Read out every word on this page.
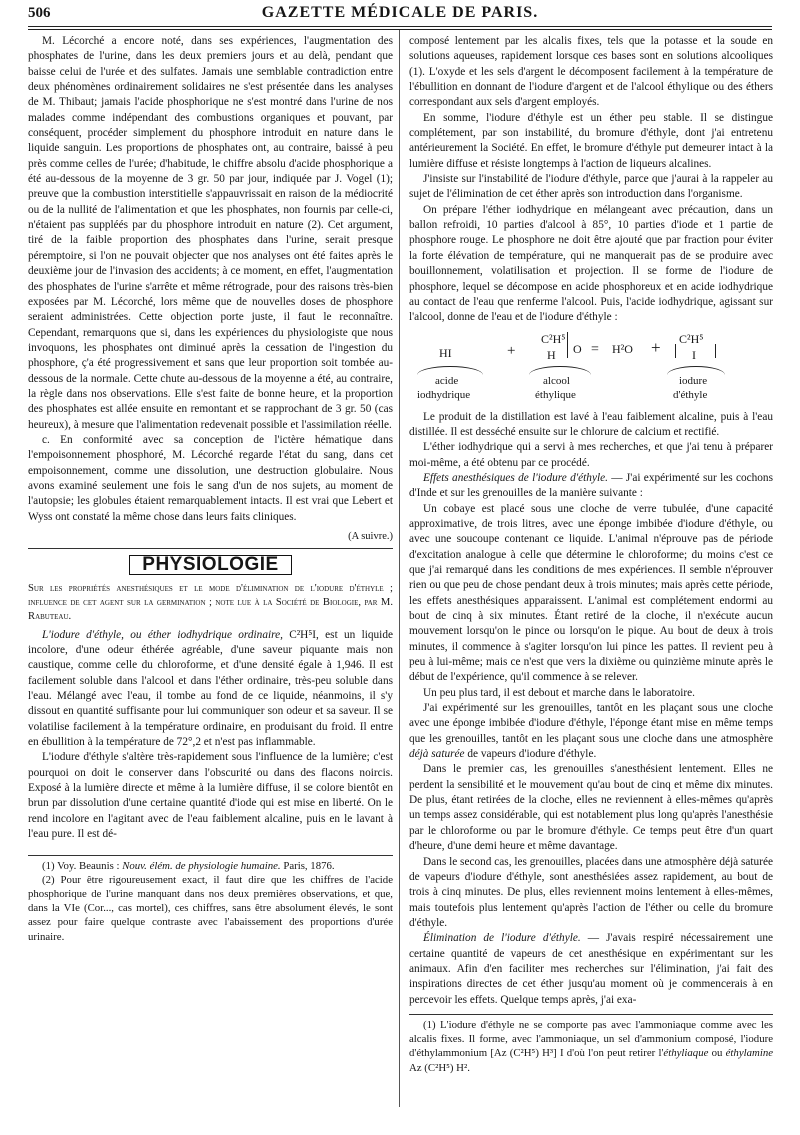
506	GAZETTE MÉDICALE DE PARIS.

M. Lécorché a encore noté, dans ses expériences, l'augmentation des phosphates de l'urine, dans les deux premiers jours et au delà, pendant que baisse celui de l'urée et des sulfates. Jamais une semblable contradiction entre deux phénomènes ordinairement solidaires ne s'est présentée dans les analyses de M. Thibaut; jamais l'acide phosphorique ne s'est montré dans l'urine de nos malades comme indépendant des combustions organiques et pouvant, par conséquent, procéder simplement du phosphore introduit en nature dans le liquide sanguin. Les proportions de phosphates ont, au contraire, baissé à peu près comme celles de l'urée; d'habitude, le chiffre absolu d'acide phosphorique a été au-dessous de la moyenne de 3 gr. 50 par jour, indiquée par J. Vogel (1); preuve que la combustion interstitielle s'appauvrissait en raison de la médiocrité ou de la nullité de l'alimentation et que les phosphates, non fournis par celle-ci, n'étaient pas suppléés par du phosphore introduit en nature (2). Cet argument, tiré de la faible proportion des phosphates dans l'urine, serait presque péremptoire, si l'on ne pouvait objecter que nos analyses ont été faites après le deuxième jour de l'invasion des accidents; à ce moment, en effet, l'augmentation des phosphates de l'urine s'arrête et même rétrograde, pour des raisons très-bien exposées par M. Lécorché, lors même que de nouvelles doses de phosphore seraient administrées. Cette objection porte juste, il faut le reconnaître. Cependant, remarquons que si, dans les expériences du physiologiste que nous invoquons, les phosphates ont diminué après la cessation de l'ingestion du phosphore, ç'a été progressivement et sans que leur proportion soit tombée au-dessous de la normale. Cette chute au-dessous de la moyenne a été, au contraire, la règle dans nos observations. Elle s'est faite de bonne heure, et la proportion des phosphates est allée ensuite en remontant et se rapprochant de 3 gr. 50 (cas heureux), à mesure que l'alimentation redevenait possible et l'assimilation réelle.

c. En conformité avec sa conception de l'ictère hématique dans l'empoisonnement phosphoré, M. Lécorché regarde l'état du sang, dans cet empoisonnement, comme une dissolution, une destruction globulaire. Nous avons examiné seulement une fois le sang d'un de nos sujets, au moment de l'autopsie; les globules étaient remarquablement intacts. Il est vrai que Lebert et Wyss ont constaté la même chose dans leurs faits cliniques.

(A suivre.)
PHYSIOLOGIE

Sur les propriétés anesthésiques et le mode d'élimination de l'iodure d'éthyle ; influence de cet agent sur la germination ; note lue à la Société de Biologie, par M. Rabuteau.

L'iodure d'éthyle, ou éther iodhydrique ordinaire, C²H⁵I, est un liquide incolore, d'une odeur éthérée agréable, d'une saveur piquante mais non caustique, comme celle du chloroforme, et d'une densité égale à 1,946. Il est facilement soluble dans l'alcool et dans l'éther ordinaire, très-peu soluble dans l'eau. Mélangé avec l'eau, il tombe au fond de ce liquide, néanmoins, il s'y dissout en quantité suffisante pour lui communiquer son odeur et sa saveur. Il se volatilise facilement à la température ordinaire, en produisant du froid. Il entre en ébullition à la température de 72°,2 et n'est pas inflammable.

L'iodure d'éthyle s'altère très-rapidement sous l'influence de la lumière; c'est pourquoi on doit le conserver dans l'obscurité ou dans des flacons noircis. Exposé à la lumière directe et même à la lumière diffuse, il se colore bientôt en brun par dissolution d'une certaine quantité d'iode qui est mise en liberté. On le rend incolore en l'agitant avec de l'eau faiblement alcaline, puis en le lavant à l'eau pure. Il est dé-

(1) Voy. Beaunis : Nouv. élém. de physiologie humaine. Paris, 1876.

(2) Pour être rigoureusement exact, il faut dire que les chiffres de l'acide phosphorique de l'urine manquant dans nos deux premières observations, et que, dans la VIe (Cor..., cas mortel), ces chiffres, sans être absolument élevés, le sont assez pour faire quelque contraste avec l'abaissement des proportions d'urée urinaire.

composé lentement par les alcalis fixes, tels que la potasse et la soude en solutions aqueuses, rapidement lorsque ces bases sont en solutions alcooliques (1). L'oxyde et les sels d'argent le décomposent facilement à la température de l'ébullition en donnant de l'iodure d'argent et de l'alcool éthylique ou des éthers correspondant aux sels d'argent employés.

En somme, l'iodure d'éthyle est un éther peu stable. Il se distingue complétement, par son instabilité, du bromure d'éthyle, dont j'ai entretenu antérieurement la Société. En effet, le bromure d'éthyle put demeurer intact à la lumière diffuse et résiste longtemps à l'action de liqueurs alcalines.

J'insiste sur l'instabilité de l'iodure d'éthyle, parce que j'aurai à la rappeler au sujet de l'élimination de cet éther après son introduction dans l'organisme.

On prépare l'éther iodhydrique en mélangeant avec précaution, dans un ballon refroidi, 10 parties d'alcool à 85°, 10 parties d'iode et 1 partie de phosphore rouge. Le phosphore ne doit être ajouté que par fraction pour éviter la forte élévation de température, qui ne manquerait pas de se produire avec bouillonnement, volatilisation et projection. Il se forme de l'iodure de phosphore, lequel se décompose en acide phosphoreux et en acide iodhydrique au contact de l'eau que renferme l'alcool. Puis, l'acide iodhydrique, agissant sur l'alcool, donne de l'eau et de l'iodure d'éthyle :

HI	+
C²H⁵
H O = H²O + C²H⁵
I
acide
iodhydrique
alcool
éthylique
iodure
d'éthyle

Le produit de la distillation est lavé à l'eau faiblement alcaline, puis à l'eau distillée. Il est desséché ensuite sur le chlorure de calcium et rectifié.

L'éther iodhydrique qui a servi à mes recherches, et que j'ai tenu à préparer moi-même, a été obtenu par ce procédé.

Effets anesthésiques de l'iodure d'éthyle. — J'ai expérimenté sur les cochons d'Inde et sur les grenouilles de la manière suivante :

Un cobaye est placé sous une cloche de verre tubulée, d'une capacité approximative, de trois litres, avec une éponge imbibée d'iodure d'éthyle, ou avec une soucoupe contenant ce liquide. L'animal n'éprouve pas de période d'excitation analogue à celle que détermine le chloroforme; du moins c'est ce que j'ai remarqué dans les conditions de mes expériences. Il semble n'éprouver rien ou que peu de chose pendant deux à trois minutes; mais après cette période, les effets anesthésiques apparaissent. L'animal est complétement endormi au bout de cinq à six minutes. Étant retiré de la cloche, il n'exécute aucun mouvement lorsqu'on le pince ou lorsqu'on le pique. Au bout de deux à trois minutes, il commence à s'agiter lorsqu'on lui pince les pattes. Il revient peu à peu à lui-même; mais ce n'est que vers la dixième ou quinzième minute après le début de l'expérience, qu'il commence à se relever.

Un peu plus tard, il est debout et marche dans le laboratoire.

J'ai expérimenté sur les grenouilles, tantôt en les plaçant sous une cloche avec une éponge imbibée d'iodure d'éthyle, l'éponge étant mise en même temps que les grenouilles, tantôt en les plaçant sous une cloche dans une atmosphère déjà saturée de vapeurs d'iodure d'éthyle.

Dans le premier cas, les grenouilles s'anesthésient lentement. Elles ne perdent la sensibilité et le mouvement qu'au bout de cinq et même dix minutes. De plus, étant retirées de la cloche, elles ne reviennent à elles-mêmes qu'après un temps assez considérable, qui est notablement plus long qu'après l'anesthésie par le chloroforme ou par le bromure d'éthyle. Ce temps peut être d'un quart d'heure, d'une demi heure et même davantage.

Dans le second cas, les grenouilles, placées dans une atmosphère déjà saturée de vapeurs d'iodure d'éthyle, sont anesthésiées assez rapidement, au bout de trois à cinq minutes. De plus, elles reviennent moins lentement à elles-mêmes, mais toutefois plus lentement qu'après l'action de l'éther ou celle du bromure d'éthyle.

Élimination de l'iodure d'éthyle. — J'avais respiré nécessairement une certaine quantité de vapeurs de cet anesthésique en expérimentant sur les animaux. Afin d'en faciliter mes recherches sur l'élimination, j'ai fait des inspirations directes de cet éther jusqu'au moment où je commencerais à en percevoir les effets. Quelque temps après, j'ai exa-

(1) L'iodure d'éthyle ne se comporte pas avec l'ammoniaque comme avec les alcalis fixes. Il forme, avec l'ammoniaque, un sel d'ammonium composé, l'iodure d'éthylammonium [Az (C²H⁵) H³] I d'où l'on peut retirer l'éthyliaque ou éthylamine Az (C²H⁵) H².
